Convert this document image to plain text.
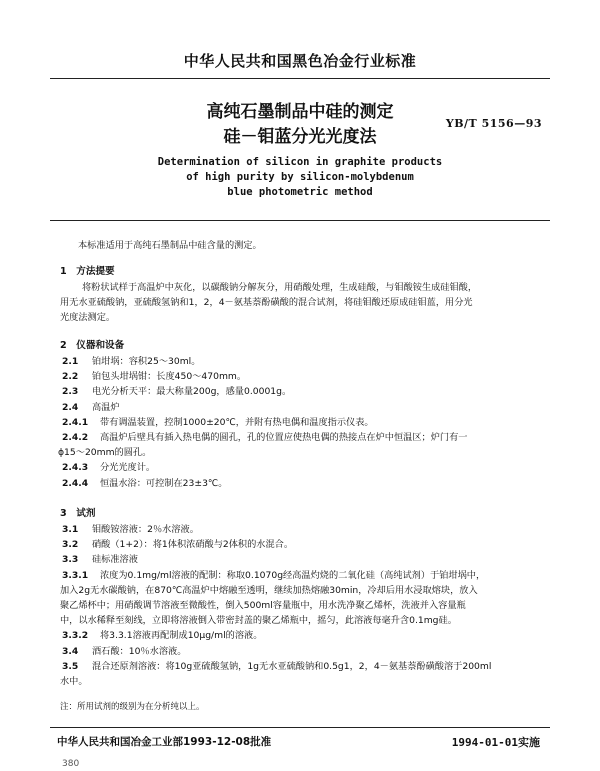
中华人民共和国黑色冶金行业标准
高纯石墨制品中硅的测定
硅－钼蓝分光光度法
YB/T 5156—93
Determination of silicon in graphite products
of high purity by silicon-molybdenum
blue photometric method
本标准适用于高纯石墨制品中硅含量的测定。
1　方法提要
将粉状试样于高温炉中灰化，以碳酸钠分解灰分，用硝酸处理，生成硅酸，与钼酸铵生成硅钼酸，
用无水亚硫酸钠，亚硫酸氢钠和1，2，4－氨基萘酚磺酸的混合试剂，将硅钼酸还原成硅钼蓝，用分光
光度法测定。
2　仪器和设备
2.1 铂坩埚：容积25～30ml。
2.2 铂包头坩埚钳：长度450～470mm。
2.3 电光分析天平：最大称量200g，感量0.0001g。
2.4 高温炉
2.4.1 带有调温装置，控制1000±20℃，并附有热电偶和温度指示仪表。
2.4.2 高温炉后壁具有插入热电偶的圆孔，孔的位置应使热电偶的热接点在炉中恒温区；炉门有一
ϕ15～20mm的圆孔。
2.4.3 分光光度计。
2.4.4 恒温水浴：可控制在23±3℃。
3　试剂
3.1 钼酸铵溶液：2％水溶液。
3.2 硝酸（1+2）：将1体积浓硝酸与2体积的水混合。
3.3 硅标准溶液
3.3.1 浓度为0.1mg/ml溶液的配制：称取0.1070g经高温灼烧的二氧化硅（高纯试剂）于铂坩埚中，
加入2g无水碳酸钠，在870℃高温炉中熔融至透明，继续加热熔融30min，冷却后用水浸取熔块，放入
聚乙烯杯中；用硝酸调节溶液至微酸性，倒入500ml容量瓶中，用水洗净聚乙烯杯，洗液并入容量瓶
中，以水稀释至刻线，立即将溶液倒入带密封盖的聚乙烯瓶中，摇匀，此溶液每毫升含0.1mg硅。
3.3.2 将3.3.1溶液再配制成10μg/ml的溶液。
3.4 酒石酸：10％水溶液。
3.5 混合还原剂溶液：将10g亚硫酸氢钠，1g无水亚硫酸钠和0.5g1，2，4－氨基萘酚磺酸溶于200ml
水中。
注：所用试剂的级别为在分析纯以上。
中华人民共和国冶金工业部1993-12-08批准	1994-01-01实施
380
